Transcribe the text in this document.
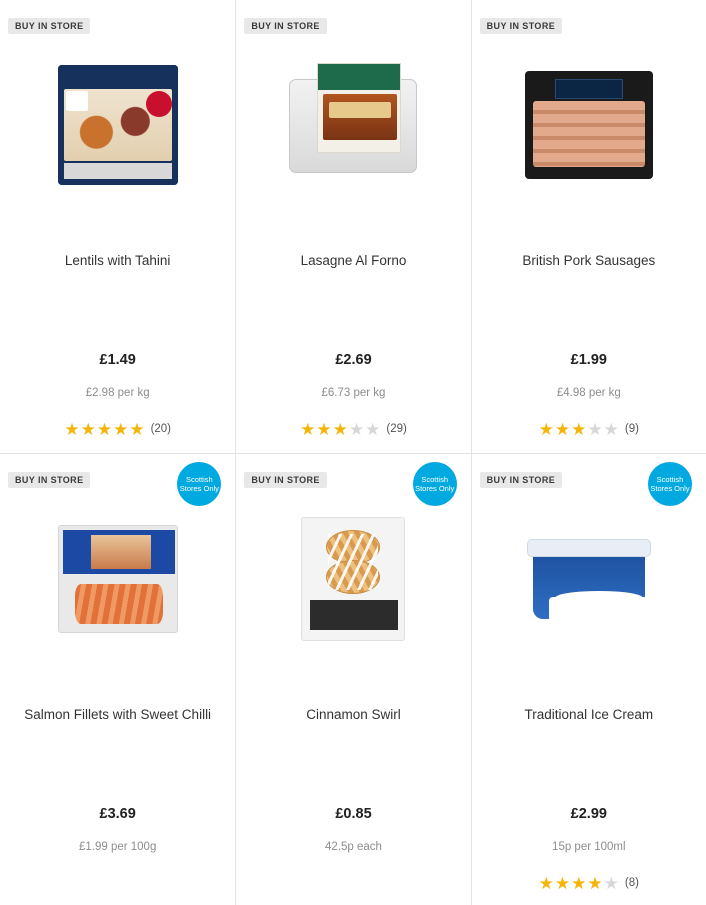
BUY IN STORE
Lentils with Tahini
£1.49
£2.98 per kg
★ ★ ★ ★ ★ (20)
BUY IN STORE
Lasagne Al Forno
£2.69
£6.73 per kg
★ ★ ★ ★ ★ (29)
BUY IN STORE
British Pork Sausages
£1.99
£4.98 per kg
★ ★ ★ ★ ★ (9)
BUY IN STORE	Scottish
Stores Only
Salmon Fillets with Sweet Chilli
£3.69
£1.99 per 100g
BUY IN STORE	Scottish
Stores Only
Cinnamon Swirl
£0.85
42.5p each
BUY IN STORE	Scottish
Stores Only
Traditional Ice Cream
£2.99
15p per 100ml
★ ★ ★ ★ ★ (8)
